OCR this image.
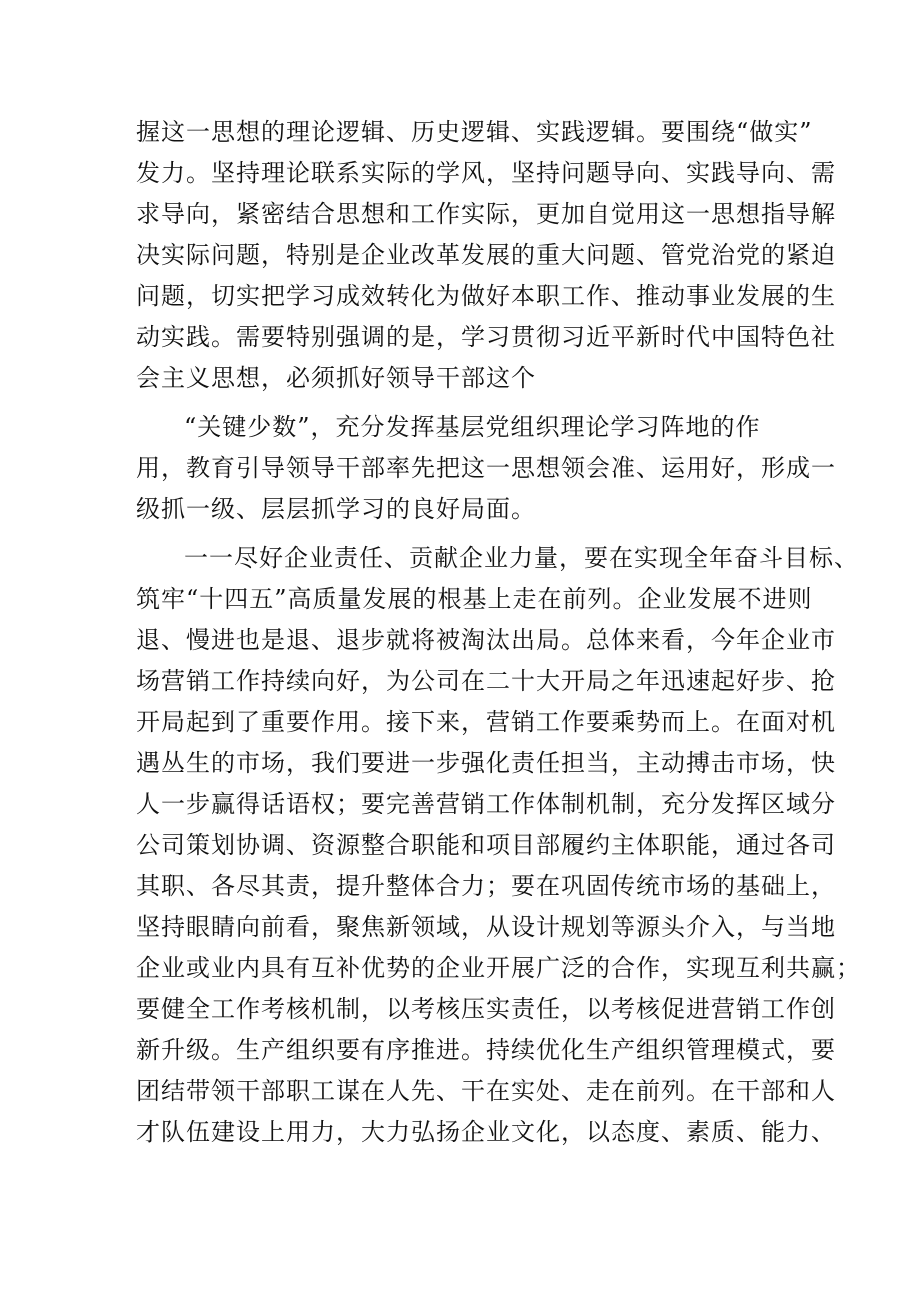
握这一思想的理论逻辑、历史逻辑、实践逻辑。要围绕“做实”
发力。坚持理论联系实际的学风，坚持问题导向、实践导向、需
求导向，紧密结合思想和工作实际，更加自觉用这一思想指导解
决实际问题，特别是企业改革发展的重大问题、管党治党的紧迫
问题，切实把学习成效转化为做好本职工作、推动事业发展的生
动实践。需要特别强调的是，学习贯彻习近平新时代中国特色社
会主义思想，必须抓好领导干部这个
“关键少数”，充分发挥基层党组织理论学习阵地的作
用，教育引导领导干部率先把这一思想领会准、运用好，形成一
级抓一级、层层抓学习的良好局面。
一一尽好企业责任、贡献企业力量，要在实现全年奋斗目标、
筑牢“十四五”高质量发展的根基上走在前列。企业发展不进则
退、慢进也是退、退步就将被淘汰出局。总体来看，今年企业市
场营销工作持续向好，为公司在二十大开局之年迅速起好步、抢
开局起到了重要作用。接下来，营销工作要乘势而上。在面对机
遇丛生的市场，我们要进一步强化责任担当，主动搏击市场，快
人一步赢得话语权；要完善营销工作体制机制，充分发挥区域分
公司策划协调、资源整合职能和项目部履约主体职能，通过各司
其职、各尽其责，提升整体合力；要在巩固传统市场的基础上，
坚持眼睛向前看，聚焦新领域，从设计规划等源头介入，与当地
企业或业内具有互补优势的企业开展广泛的合作，实现互利共赢；
要健全工作考核机制，以考核压实责任，以考核促进营销工作创
新升级。生产组织要有序推进。持续优化生产组织管理模式，要
团结带领干部职工谋在人先、干在实处、走在前列。在干部和人
才队伍建设上用力，大力弘扬企业文化，以态度、素质、能力、
